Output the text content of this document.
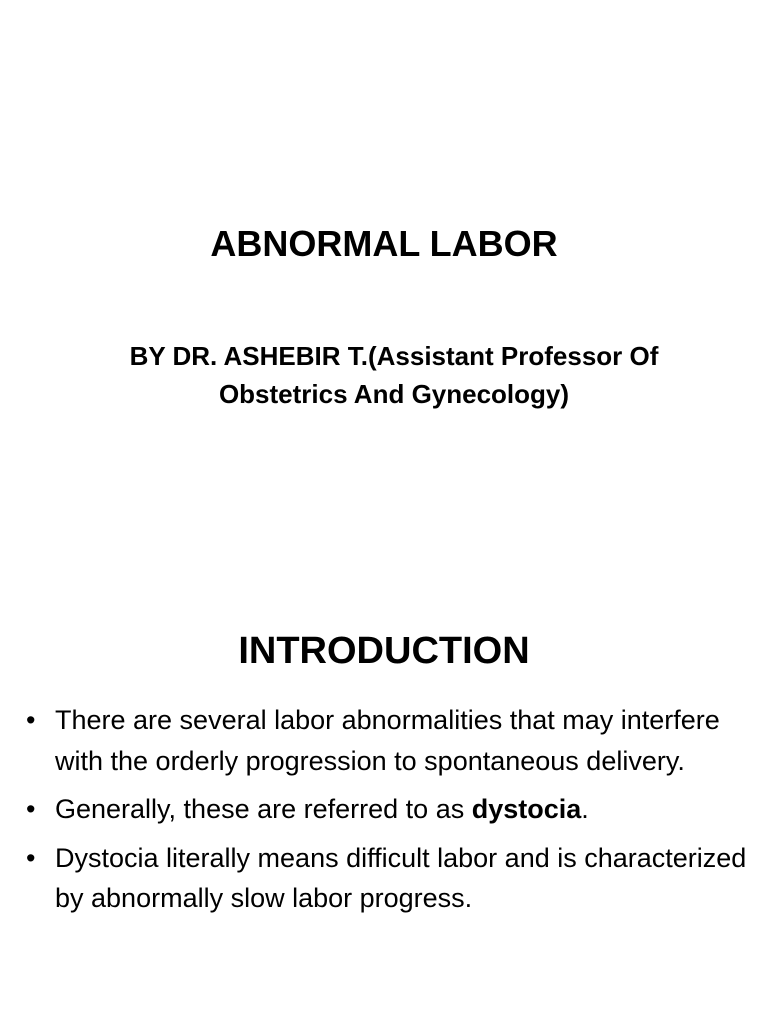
ABNORMAL LABOR

BY DR. ASHEBIR T.(Assistant Professor Of Obstetrics And Gynecology)

INTRODUCTION
• There are several labor abnormalities that may interfere with the orderly progression to spontaneous delivery.
• Generally, these are referred to as dystocia.
• Dystocia literally means difficult labor and is characterized by abnormally slow labor progress.
